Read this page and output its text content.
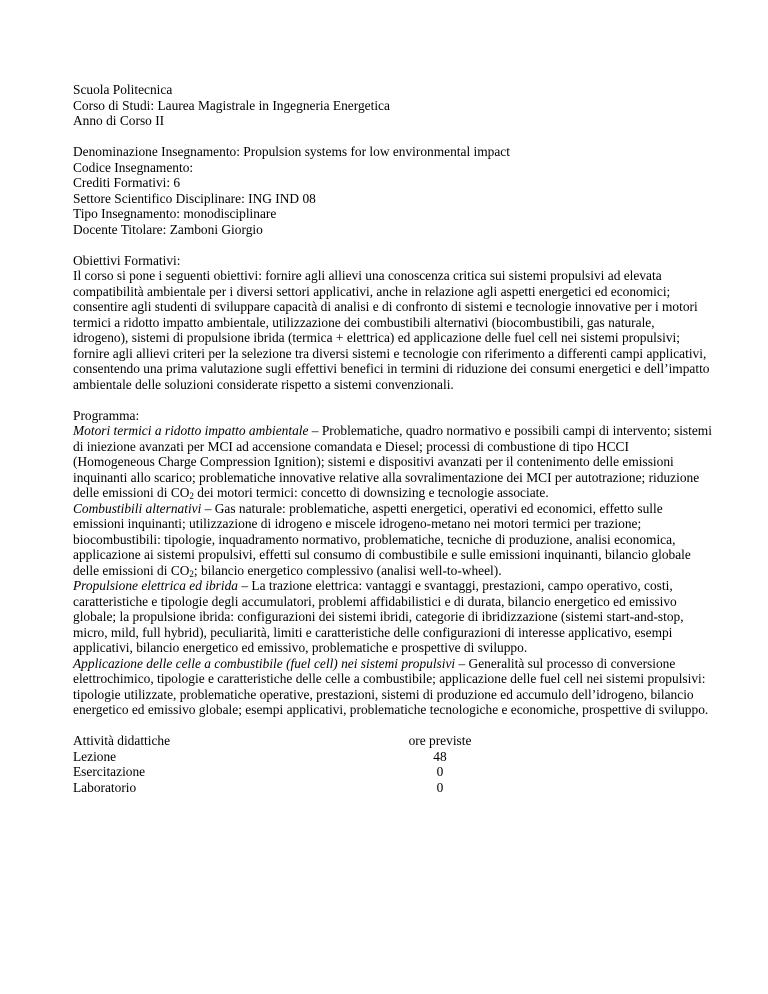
Scuola Politecnica
Corso di Studi: Laurea Magistrale in Ingegneria Energetica
Anno di Corso II
Denominazione Insegnamento: Propulsion systems for low environmental impact
Codice Insegnamento:
Crediti Formativi: 6
Settore Scientifico Disciplinare: ING IND 08
Tipo Insegnamento: monodisciplinare
Docente Titolare: Zamboni Giorgio
Obiettivi Formativi:
Il corso si pone i seguenti obiettivi: fornire agli allievi una conoscenza critica sui sistemi propulsivi ad elevata compatibilità ambientale per i diversi settori applicativi, anche in relazione agli aspetti energetici ed economici; consentire agli studenti di sviluppare capacità di analisi e di confronto di sistemi e tecnologie innovative per i motori termici a ridotto impatto ambientale, utilizzazione dei combustibili alternativi (biocombustibili, gas naturale, idrogeno), sistemi di propulsione ibrida (termica + elettrica) ed applicazione delle fuel cell nei sistemi propulsivi; fornire agli allievi criteri per la selezione tra diversi sistemi e tecnologie con riferimento a differenti campi applicativi, consentendo una prima valutazione sugli effettivi benefici in termini di riduzione dei consumi energetici e dell’impatto ambientale delle soluzioni considerate rispetto a sistemi convenzionali.
Programma:
Motori termici a ridotto impatto ambientale – Problematiche, quadro normativo e possibili campi di intervento; sistemi di iniezione avanzati per MCI ad accensione comandata e Diesel; processi di combustione di tipo HCCI (Homogeneous Charge Compression Ignition); sistemi e dispositivi avanzati per il contenimento delle emissioni inquinanti allo scarico; problematiche innovative relative alla sovralimentazione dei MCI per autotrazione; riduzione delle emissioni di $CO_2$ dei motori termici: concetto di downsizing e tecnologie associate.
Combustibili alternativi – Gas naturale: problematiche, aspetti energetici, operativi ed economici, effetto sulle emissioni inquinanti; utilizzazione di idrogeno e miscele idrogeno-metano nei motori termici per trazione; biocombustibili: tipologie, inquadramento normativo, problematiche, tecniche di produzione, analisi economica, applicazione ai sistemi propulsivi, effetti sul consumo di combustibile e sulle emissioni inquinanti, bilancio globale delle emissioni di $CO_2$; bilancio energetico complessivo (analisi well-to-wheel).
Propulsione elettrica ed ibrida – La trazione elettrica: vantaggi e svantaggi, prestazioni, campo operativo, costi, caratteristiche e tipologie degli accumulatori, problemi affidabilistici e di durata, bilancio energetico ed emissivo globale; la propulsione ibrida: configurazioni dei sistemi ibridi, categorie di ibridizzazione (sistemi start-and-stop, micro, mild, full hybrid), peculiarità, limiti e caratteristiche delle configurazioni di interesse applicativo, esempi applicativi, bilancio energetico ed emissivo, problematiche e prospettive di sviluppo.
Applicazione delle celle a combustibile (fuel cell) nei sistemi propulsivi – Generalità sul processo di conversione elettrochimico, tipologie e caratteristiche delle celle a combustibile; applicazione delle fuel cell nei sistemi propulsivi: tipologie utilizzate, problematiche operative, prestazioni, sistemi di produzione ed accumulo dell’idrogeno, bilancio energetico ed emissivo globale; esempi applicativi, problematiche tecnologiche e economiche, prospettive di sviluppo.
Attività didattiche	ore previste
Lezione	48
Esercitazione	0
Laboratorio	0
